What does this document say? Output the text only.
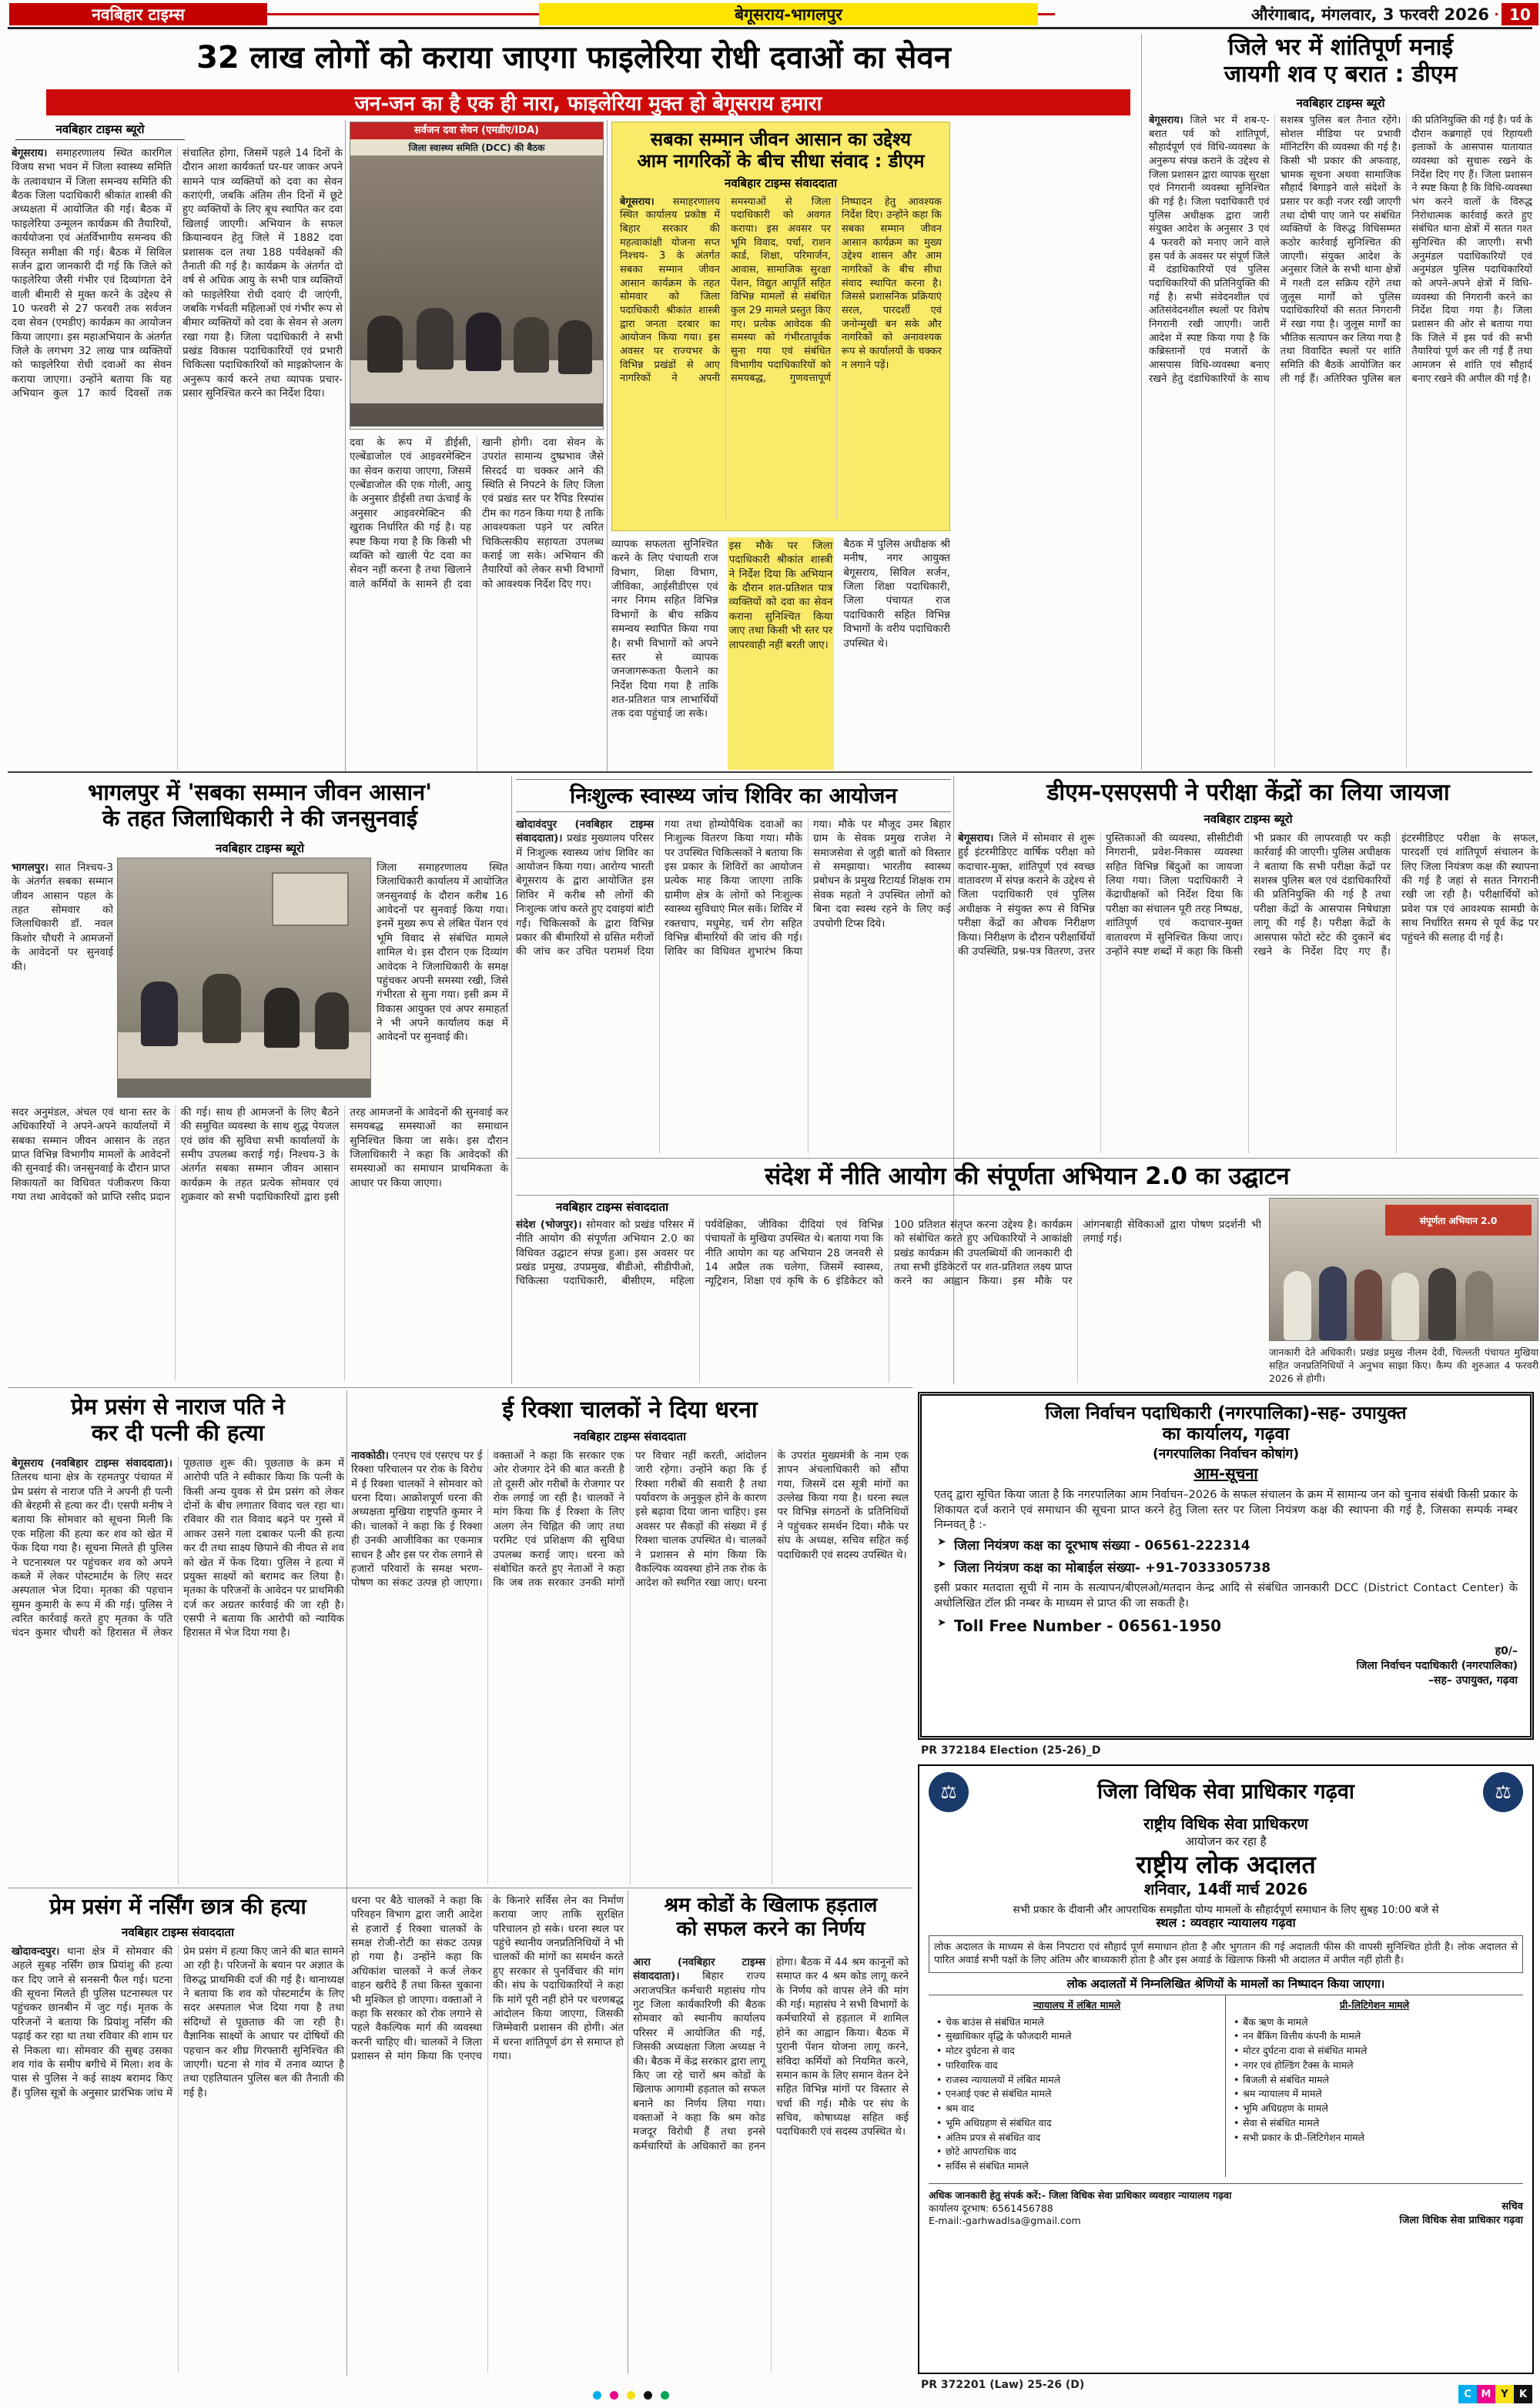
नवबिहार टाइम्स	बेगूसराय-भागलपुर	औरंगाबाद, मंगलवार, 3 फरवरी 2026	10
32 लाख लोगों को कराया जाएगा फाइलेरिया रोधी दवाओं का सेवन	जिले भर में शांतिपूर्ण मनाई
जायगी शव ए बरात : डीएम
नवबिहार टाइम्स ब्यूरो
बेगूसराय। जिले भर में शब-ए-बरात पर्व को शांतिपूर्ण, सौहार्दपूर्ण एवं विधि-व्यवस्था के अनुरूप संपन्न कराने के उद्देश्य से जिला प्रशासन द्वारा व्यापक सुरक्षा एवं निगरानी व्यवस्था सुनिश्चित की गई है। जिला पदाधिकारी एवं पुलिस अधीक्षक द्वारा जारी संयुक्त आदेश के अनुसार 3 एवं 4 फरवरी को मनाए जाने वाले इस पर्व के अवसर पर संपूर्ण जिले में दंडाधिकारियों एवं पुलिस पदाधिकारियों की प्रतिनियुक्ति की गई है। सभी संवेदनशील एवं अतिसंवेदनशील स्थलों पर विशेष निगरानी रखी जाएगी। जारी आदेश में स्पष्ट किया गया है कि कब्रिस्तानों एवं मजारों के आसपास विधि-व्यवस्था बनाए रखने हेतु दंडाधिकारियों के साथ सशस्त्र पुलिस बल तैनात रहेंगे। सोशल मीडिया पर प्रभावी मॉनिटरिंग की व्यवस्था की गई है। किसी भी प्रकार की अफवाह, भ्रामक सूचना अथवा सामाजिक सौहार्द बिगाड़ने वाले संदेशों के प्रसार पर कड़ी नजर रखी जाएगी तथा दोषी पाए जाने पर संबंधित व्यक्तियों के विरुद्ध विधिसम्मत कठोर कार्रवाई सुनिश्चित की जाएगी। संयुक्त आदेश के अनुसार जिले के सभी थाना क्षेत्रों में गश्ती दल सक्रिय रहेंगे तथा जुलूस मार्गों को पुलिस पदाधिकारियों की सतत निगरानी में रखा गया है। जुलूस मार्गों का भौतिक सत्यापन कर लिया गया है तथा विवादित स्थलों पर शांति समिति की बैठकें आयोजित कर ली गई हैं। अतिरिक्त पुलिस बल की प्रतिनियुक्ति की गई है। पर्व के दौरान कब्रगाहों एवं रिहायशी इलाकों के आसपास यातायात व्यवस्था को सुचारू रखने के निर्देश दिए गए हैं। जिला प्रशासन ने स्पष्ट किया है कि विधि-व्यवस्था भंग करने वालों के विरुद्ध निरोधात्मक कार्रवाई करते हुए संबंधित थाना क्षेत्रों में सतत गश्त सुनिश्चित की जाएगी। सभी अनुमंडल पदाधिकारियों एवं अनुमंडल पुलिस पदाधिकारियों को अपने-अपने क्षेत्रों में विधि-व्यवस्था की निगरानी करने का निर्देश दिया गया है। जिला प्रशासन की ओर से बताया गया कि जिले में इस पर्व की सभी तैयारियां पूर्ण कर ली गई हैं तथा आमजन से शांति एवं सौहार्द बनाए रखने की अपील की गई है।
जन-जन का है एक ही नारा, फाइलेरिया मुक्त हो बेगूसराय हमारा
नवबिहार टाइम्स ब्यूरो
बेगूसराय। समाहरणालय स्थित कारगिल विजय सभा भवन में जिला स्वास्थ्य समिति के तत्वावधान में जिला समन्वय समिति की बैठक जिला पदाधिकारी श्रीकांत शास्त्री की अध्यक्षता में आयोजित की गई। बैठक में फाइलेरिया उन्मूलन कार्यक्रम की तैयारियों, कार्ययोजना एवं अंतर्विभागीय समन्वय की विस्तृत समीक्षा की गई। बैठक में सिविल सर्जन द्वारा जानकारी दी गई कि जिले को फाइलेरिया जैसी गंभीर एवं दिव्यांगता देने वाली बीमारी से मुक्त करने के उद्देश्य से 10 फरवरी से 27 फरवरी तक सर्वजन दवा सेवन (एमडीए) कार्यक्रम का आयोजन किया जाएगा। इस महाअभियान के अंतर्गत जिले के लगभग 32 लाख पात्र व्यक्तियों को फाइलेरिया रोधी दवाओं का सेवन कराया जाएगा। उन्होंने बताया कि यह अभियान कुल 17 कार्य दिवसों तक संचालित होगा, जिसमें पहले 14 दिनों के दौरान आशा कार्यकर्ता घर-घर जाकर अपने सामने पात्र व्यक्तियों को दवा का सेवन कराएंगी, जबकि अंतिम तीन दिनों में छूटे हुए व्यक्तियों के लिए बूथ स्थापित कर दवा खिलाई जाएगी। अभियान के सफल क्रियान्वयन हेतु जिले में 1882 दवा प्रशासक दल तथा 188 पर्यवेक्षकों की तैनाती की गई है। कार्यक्रम के अंतर्गत दो वर्ष से अधिक आयु के सभी पात्र व्यक्तियों को फाइलेरिया रोधी दवाएं दी जाएंगी, जबकि गर्भवती महिलाओं एवं गंभीर रूप से बीमार व्यक्तियों को दवा के सेवन से अलग रखा गया है। जिला पदाधिकारी ने सभी प्रखंड विकास पदाधिकारियों एवं प्रभारी चिकित्सा पदाधिकारियों को माइक्रोप्लान के अनुरूप कार्य करने तथा व्यापक प्रचार-प्रसार सुनिश्चित करने का निर्देश दिया।
सर्वजन दवा सेवन (एमडीए/IDA)
जिला स्वास्थ्य समिति (DCC) की बैठक
दवा के रूप में डीईसी, एल्बेंडाजोल एवं आइवरमेक्टिन का सेवन कराया जाएगा, जिसमें एल्बेंडाजोल की एक गोली, आयु के अनुसार डीईसी तथा ऊंचाई के अनुसार आइवरमेक्टिन की खुराक निर्धारित की गई है। यह स्पष्ट किया गया है कि किसी भी व्यक्ति को खाली पेट दवा का सेवन नहीं करना है तथा खिलाने वाले कर्मियों के सामने ही दवा खानी होगी। दवा सेवन के उपरांत सामान्य दुष्प्रभाव जैसे सिरदर्द या चक्कर आने की स्थिति से निपटने के लिए जिला एवं प्रखंड स्तर पर रैपिड रिस्पांस टीम का गठन किया गया है ताकि आवश्यकता पड़ने पर त्वरित चिकित्सकीय सहायता उपलब्ध कराई जा सके। अभियान की तैयारियों को लेकर सभी विभागों को आवश्यक निर्देश दिए गए।
सबका सम्मान जीवन आसान का उद्देश्य
आम नागरिकों के बीच सीधा संवाद : डीएम
नवबिहार टाइम्स संवाददाता
बेगूसराय। समाहरणालय स्थित कार्यालय प्रकोष्ठ में बिहार सरकार की महत्वाकांक्षी योजना सप्त निश्चय- 3 के अंतर्गत सबका सम्मान जीवन आसान कार्यक्रम के तहत सोमवार को जिला पदाधिकारी श्रीकांत शास्त्री द्वारा जनता दरबार का आयोजन किया गया। इस अवसर पर राज्यभर के विभिन्न प्रखंडों से आए नागरिकों ने अपनी समस्याओं से जिला पदाधिकारी को अवगत कराया। इस अवसर पर भूमि विवाद, पर्चा, राशन कार्ड, शिक्षा, परिमार्जन, आवास, सामाजिक सुरक्षा पेंशन, विद्युत आपूर्ति सहित विभिन्न मामलों से संबंधित कुल 29 मामले प्रस्तुत किए गए। प्रत्येक आवेदक की समस्या को गंभीरतापूर्वक सुना गया एवं संबंधित विभागीय पदाधिकारियों को समयबद्ध, गुणवत्तापूर्ण निष्पादन हेतु आवश्यक निर्देश दिए। उन्होंने कहा कि सबका सम्मान जीवन आसान कार्यक्रम का मुख्य उद्देश्य शासन और आम नागरिकों के बीच सीधा संवाद स्थापित करना है। जिससे प्रशासनिक प्रक्रियाएं सरल, पारदर्शी एवं जनोन्मुखी बन सके और नागरिकों को अनावश्यक रूप से कार्यालयों के चक्कर न लगाने पड़ें।
व्यापक सफलता सुनिश्चित करने के लिए पंचायती राज विभाग, शिक्षा विभाग, जीविका, आईसीडीएस एवं नगर निगम सहित विभिन्न विभागों के बीच सक्रिय समन्वय स्थापित किया गया है। सभी विभागों को अपने स्तर से व्यापक जनजागरूकता फैलाने का निर्देश दिया गया है ताकि शत-प्रतिशत पात्र लाभार्थियों तक दवा पहुंचाई जा सके।
इस मौके पर जिला पदाधिकारी श्रीकांत शास्त्री ने निर्देश दिया कि अभियान के दौरान शत-प्रतिशत पात्र व्यक्तियों को दवा का सेवन कराना सुनिश्चित किया जाए तथा किसी भी स्तर पर लापरवाही नहीं बरती जाए।
बैठक में पुलिस अधीक्षक श्री मनीष, नगर आयुक्त बेगूसराय, सिविल सर्जन, जिला शिक्षा पदाधिकारी, जिला पंचायत राज पदाधिकारी सहित विभिन्न विभागों के वरीय पदाधिकारी उपस्थित थे।
भागलपुर में 'सबका सम्मान जीवन आसान'
के तहत जिलाधिकारी ने की जनसुनवाई
नवबिहार टाइम्स ब्यूरो
भागलपुर। सात निश्चय-3 के अंतर्गत सबका सम्मान जीवन आसान पहल के तहत सोमवार को जिलाधिकारी डॉ. नवल किशोर चौधरी ने आमजनों के आवेदनों पर सुनवाई की।
जिला समाहरणालय स्थित जिलाधिकारी कार्यालय में आयोजित जनसुनवाई के दौरान करीब 16 आवेदनों पर सुनवाई किया गया। इनमें मुख्य रूप से लंबित पेंशन एवं भूमि विवाद से संबंधित मामले शामिल थे। इस दौरान एक दिव्यांग आवेदक ने जिलाधिकारी के समक्ष पहुंचकर अपनी समस्या रखी, जिसे गंभीरता से सुना गया। इसी क्रम में विकास आयुक्त एवं अपर समाहर्ता ने भी अपने कार्यालय कक्ष में आवेदनों पर सुनवाई की।
सदर अनुमंडल, अंचल एवं थाना स्तर के अधिकारियों ने अपने-अपने कार्यालयों में सबका सम्मान जीवन आसान के तहत प्राप्त विभिन्न विभागीय मामलों के आवेदनों की सुनवाई की। जनसुनवाई के दौरान प्राप्त शिकायतों का विधिवत पंजीकरण किया गया तथा आवेदकों को प्राप्ति रसीद प्रदान की गई। साथ ही आमजनों के लिए बैठने की समुचित व्यवस्था के साथ शुद्ध पेयजल एवं छांव की सुविधा सभी कार्यालयों के समीप उपलब्ध कराई गई। निश्चय-3 के अंतर्गत सबका सम्मान जीवन आसान कार्यक्रम के तहत प्रत्येक सोमवार एवं शुक्रवार को सभी पदाधिकारियों द्वारा इसी तरह आमजनों के आवेदनों की सुनवाई कर समयबद्ध समस्याओं का समाधान सुनिश्चित किया जा सके। इस दौरान जिलाधिकारी ने कहा कि आवेदकों की समस्याओं का समाधान प्राथमिकता के आधार पर किया जाएगा।
निःशुल्क स्वास्थ्य जांच शिविर का आयोजन
खोदावंदपुर (नवबिहार टाइम्स संवाददाता)। प्रखंड मुख्यालय परिसर में निःशुल्क स्वास्थ्य जांच शिविर का आयोजन किया गया। आरोग्य भारती बेगूसराय के द्वारा आयोजित इस शिविर में करीब सौ लोगों की निःशुल्क जांच करते हुए दवाइयां बांटी गईं। चिकित्सकों के द्वारा विभिन्न प्रकार की बीमारियों से ग्रसित मरीजों की जांच कर उचित परामर्श दिया गया तथा होम्योपैथिक दवाओं का निःशुल्क वितरण किया गया। मौके पर उपस्थित चिकित्सकों ने बताया कि इस प्रकार के शिविरों का आयोजन प्रत्येक माह किया जाएगा ताकि ग्रामीण क्षेत्र के लोगों को निःशुल्क स्वास्थ्य सुविधाएं मिल सकें। शिविर में रक्तचाप, मधुमेह, चर्म रोग सहित विभिन्न बीमारियों की जांच की गई। शिविर का विधिवत शुभारंभ किया गया। मौके पर मौजूद उमर बिहार ग्राम के सेवक प्रमुख राजेश ने समाजसेवा से जुड़ी बातों को विस्तार से समझाया। भारतीय स्वास्थ्य प्रबोधन के प्रमुख रिटायर्ड शिक्षक राम सेवक महतो ने उपस्थित लोगों को बिना दवा स्वस्थ रहने के लिए कई उपयोगी टिप्स दिये।
डीएम-एसएसपी ने परीक्षा केंद्रों का लिया जायजा
नवबिहार टाइम्स ब्यूरो
बेगूसराय। जिले में सोमवार से शुरू हुई इंटरमीडिएट वार्षिक परीक्षा को कदाचार-मुक्त, शांतिपूर्ण एवं स्वच्छ वातावरण में संपन्न कराने के उद्देश्य से जिला पदाधिकारी एवं पुलिस अधीक्षक ने संयुक्त रूप से विभिन्न परीक्षा केंद्रों का औचक निरीक्षण किया। निरीक्षण के दौरान परीक्षार्थियों की उपस्थिति, प्रश्न-पत्र वितरण, उत्तर पुस्तिकाओं की व्यवस्था, सीसीटीवी निगरानी, प्रवेश-निकास व्यवस्था सहित विभिन्न बिंदुओं का जायजा लिया गया। जिला पदाधिकारी ने केंद्राधीक्षकों को निर्देश दिया कि परीक्षा का संचालन पूरी तरह निष्पक्ष, शांतिपूर्ण एवं कदाचार-मुक्त वातावरण में सुनिश्चित किया जाए। उन्होंने स्पष्ट शब्दों में कहा कि किसी भी प्रकार की लापरवाही पर कड़ी कार्रवाई की जाएगी। पुलिस अधीक्षक ने बताया कि सभी परीक्षा केंद्रों पर सशस्त्र पुलिस बल एवं दंडाधिकारियों की प्रतिनियुक्ति की गई है तथा परीक्षा केंद्रों के आसपास निषेधाज्ञा लागू की गई है। परीक्षा केंद्रों के आसपास फोटो स्टेट की दुकानें बंद रखने के निर्देश दिए गए हैं। इंटरमीडिएट परीक्षा के सफल, पारदर्शी एवं शांतिपूर्ण संचालन के लिए जिला नियंत्रण कक्ष की स्थापना की गई है जहां से सतत निगरानी रखी जा रही है। परीक्षार्थियों को प्रवेश पत्र एवं आवश्यक सामग्री के साथ निर्धारित समय से पूर्व केंद्र पर पहुंचने की सलाह दी गई है।
संदेश में नीति आयोग की संपूर्णता अभियान 2.0 का उद्घाटन
नवबिहार टाइम्स संवाददाता
संदेश (भोजपुर)। सोमवार को प्रखंड परिसर में नीति आयोग की संपूर्णता अभियान 2.0 का विधिवत उद्घाटन संपन्न हुआ। इस अवसर पर प्रखंड प्रमुख, उपप्रमुख, बीडीओ, सीडीपीओ, चिकित्सा पदाधिकारी, बीसीएम, महिला पर्यवेक्षिका, जीविका दीदियां एवं विभिन्न पंचायतों के मुखिया उपस्थित थे। बताया गया कि नीति आयोग का यह अभियान 28 जनवरी से 14 अप्रैल तक चलेगा, जिसमें स्वास्थ्य, न्यूट्रिशन, शिक्षा एवं कृषि के 6 इंडिकेटर को 100 प्रतिशत संतृप्त करना उद्देश्य है। कार्यक्रम को संबोधित करते हुए अधिकारियों ने आकांक्षी प्रखंड कार्यक्रम की उपलब्धियों की जानकारी दी तथा सभी इंडिकेटरों पर शत-प्रतिशत लक्ष्य प्राप्त करने का आह्वान किया। इस मौके पर आंगनबाड़ी सेविकाओं द्वारा पोषण प्रदर्शनी भी लगाई गई।
संपूर्णता अभियान 2.0
जानकारी देते अधिकारी। प्रखंड प्रमुख नीलम देवी, चिल्लती पंचायत मुखिया सहित जनप्रतिनिधियों ने अनुभव साझा किए। कैम्प की शुरुआत 4 फरवरी 2026 से होगी।
प्रेम प्रसंग से नाराज पति ने
कर दी पत्नी की हत्या
बेगूसराय (नवबिहार टाइम्स संवाददाता)। तिलरथ थाना क्षेत्र के रहमतपुर पंचायत में प्रेम प्रसंग से नाराज पति ने अपनी ही पत्नी की बेरहमी से हत्या कर दी। एसपी मनीष ने बताया कि सोमवार को सूचना मिली कि एक महिला की हत्या कर शव को खेत में फेंक दिया गया है। सूचना मिलते ही पुलिस ने घटनास्थल पर पहुंचकर शव को अपने कब्जे में लेकर पोस्टमार्टम के लिए सदर अस्पताल भेज दिया। मृतका की पहचान सुमन कुमारी के रूप में की गई। पुलिस ने त्वरित कार्रवाई करते हुए मृतका के पति चंदन कुमार चौधरी को हिरासत में लेकर पूछताछ शुरू की। पूछताछ के क्रम में आरोपी पति ने स्वीकार किया कि पत्नी के किसी अन्य युवक से प्रेम प्रसंग को लेकर दोनों के बीच लगातार विवाद चल रहा था। रविवार की रात विवाद बढ़ने पर गुस्से में आकर उसने गला दबाकर पत्नी की हत्या कर दी तथा साक्ष्य छिपाने की नीयत से शव को खेत में फेंक दिया। पुलिस ने हत्या में प्रयुक्त साक्ष्यों को बरामद कर लिया है। मृतका के परिजनों के आवेदन पर प्राथमिकी दर्ज कर अग्रतर कार्रवाई की जा रही है। एसपी ने बताया कि आरोपी को न्यायिक हिरासत में भेज दिया गया है।
ई रिक्शा चालकों ने दिया धरना
नवबिहार टाइम्स संवाददाता
नावकोठी। एनएच एवं एसएच पर ई रिक्शा परिचालन पर रोक के विरोध में ई रिक्शा चालकों ने सोमवार को धरना दिया। आक्रोशपूर्ण धरना की अध्यक्षता मुखिया राष्ट्रपति कुमार ने की। चालकों ने कहा कि ई रिक्शा ही उनकी आजीविका का एकमात्र साधन है और इस पर रोक लगाने से हजारों परिवारों के समक्ष भरण-पोषण का संकट उत्पन्न हो जाएगा। वक्ताओं ने कहा कि सरकार एक ओर रोजगार देने की बात करती है तो दूसरी ओर गरीबों के रोजगार पर रोक लगाई जा रही है। चालकों ने मांग किया कि ई रिक्शा के लिए अलग लेन चिह्नित की जाए तथा परमिट एवं प्रशिक्षण की सुविधा उपलब्ध कराई जाए। धरना को संबोधित करते हुए नेताओं ने कहा कि जब तक सरकार उनकी मांगों पर विचार नहीं करती, आंदोलन जारी रहेगा। उन्होंने कहा कि ई रिक्शा गरीबों की सवारी है तथा पर्यावरण के अनुकूल होने के कारण इसे बढ़ावा दिया जाना चाहिए। इस अवसर पर सैकड़ों की संख्या में ई रिक्शा चालक उपस्थित थे। चालकों ने प्रशासन से मांग किया कि वैकल्पिक व्यवस्था होने तक रोक के आदेश को स्थगित रखा जाए। धरना के उपरांत मुख्यमंत्री के नाम एक ज्ञापन अंचलाधिकारी को सौंपा गया, जिसमें दस सूत्री मांगों का उल्लेख किया गया है। धरना स्थल पर विभिन्न संगठनों के प्रतिनिधियों ने पहुंचकर समर्थन दिया। मौके पर संघ के अध्यक्ष, सचिव सहित कई पदाधिकारी एवं सदस्य उपस्थित थे।
जिला निर्वाचन पदाधिकारी (नगरपालिका)-सह- उपायुक्त
का कार्यालय, गढ़वा
(नगरपालिका निर्वाचन कोषांग)
आम-सूचना
एतद् द्वारा सूचित किया जाता है कि नगरपालिका आम निर्वाचन–2026 के सफल संचालन के क्रम में सामान्य जन को चुनाव संबंधी किसी प्रकार के शिकायत दर्ज कराने एवं समाधान की सूचना प्राप्त करने हेतु जिला स्तर पर जिला नियंत्रण कक्ष की स्थापना की गई है, जिसका सम्पर्क नम्बर निम्नवत् है :-
➤ जिला नियंत्रण कक्ष का दूरभाष संख्या - 06561-222314
➤ जिला नियंत्रण कक्ष का मोबाईल संख्या- +91-7033305738
इसी प्रकार मतदाता सूची में नाम के सत्यापन/बीएलओ/मतदान केन्द्र आदि से संबंधित जानकारी DCC (District Contact Center) के अधोलिखित टॉल फ्री नम्बर के माध्यम से प्राप्त की जा सकती है।
➤ Toll Free Number - 06561-1950
ह0/–
जिला निर्वाचन पदाधिकारी (नगरपालिका)
–सह– उपायुक्त, गढ़वा
PR 372184 Election (25-26)_D
⚖
जिला विधिक सेवा प्राधिकार गढ़वा
⚖
राष्ट्रीय विधिक सेवा प्राधिकरण
आयोजन कर रहा है
राष्ट्रीय लोक अदालत
शनिवार, 14वीं मार्च 2026
सभी प्रकार के दीवानी और आपराधिक समझौता योग्य मामलों के सौहार्दपूर्ण समाधान के लिए सुबह 10:00 बजे से
स्थल : व्यवहार न्यायालय गढ़वा
लोक अदालत के माध्यम से केस निपटारा एवं सौहार्द पूर्ण समाधान होता है और भुगतान की गई अदालती फीस की वापसी सुनिश्चित होती है। लोक अदालत से पारित अवार्ड सभी पक्षों के लिए अंतिम और बाध्यकारी होता है और इस अवार्ड के खिलाफ किसी भी अदालत में अपील नहीं होती है।
लोक अदालतों में निम्नलिखित श्रेणियों के मामलों का निष्पादन किया जाएगा।
न्यायालय में लंबित मामले
• चेक बाउंस से संबंधित मामले
• सुखाधिकार वृद्धि के फौजदारी मामले
• मोटर दुर्घटना से वाद
• पारिवारिक वाद
• राजस्व न्यायालयों में लंबित मामले
• एनआई एक्ट से संबंधित मामले
• श्रम वाद
• भूमि अधिग्रहण से संबंधित वाद
• अंतिम प्रपत्र से संबंधित वाद
• छोटे आपराधिक वाद
• सर्विस से संबंधित मामले
प्री-लिटिगेशन मामले
• बैंक ऋण के मामले
• नन बैंकिंग वित्तीय कंपनी के मामले
• मोटर दुर्घटना दावा से संबंधित मामले
• नगर एवं होल्डिंग टैक्स के मामले
• बिजली से संबंधित मामले
• श्रम न्यायालय में मामले
• भूमि अधिग्रहण के मामले
• सेवा से संबंधित मामले
• सभी प्रकार के प्री–लिटिगेशन मामले
अधिक जानकारी हेतु संपर्क करें:- जिला विधिक सेवा प्राधिकार व्यवहार न्यायालय गढ़वा
कार्यालय दूरभाष: 6561456788
E-mail:-garhwadlsa@gmail.com
सचिव
जिला विधिक सेवा प्राधिकार गढ़वा
PR 372201 (Law) 25-26 (D)
प्रेम प्रसंग में नर्सिंग छात्र की हत्या
नवबिहार टाइम्स संवाददाता
खोदावन्दपुर। थाना क्षेत्र में सोमवार की अहले सुबह नर्सिंग छात्र प्रियांशु की हत्या कर दिए जाने से सनसनी फैल गई। घटना की सूचना मिलते ही पुलिस घटनास्थल पर पहुंचकर छानबीन में जुट गई। मृतक के परिजनों ने बताया कि प्रियांशु नर्सिंग की पढ़ाई कर रहा था तथा रविवार की शाम घर से निकला था। सोमवार की सुबह उसका शव गांव के समीप बगीचे में मिला। शव के पास से पुलिस ने कई साक्ष्य बरामद किए हैं। पुलिस सूत्रों के अनुसार प्रारंभिक जांच में प्रेम प्रसंग में हत्या किए जाने की बात सामने आ रही है। परिजनों के बयान पर अज्ञात के विरुद्ध प्राथमिकी दर्ज की गई है। थानाध्यक्ष ने बताया कि शव को पोस्टमार्टम के लिए सदर अस्पताल भेज दिया गया है तथा संदिग्धों से पूछताछ की जा रही है। वैज्ञानिक साक्ष्यों के आधार पर दोषियों की पहचान कर शीघ्र गिरफ्तारी सुनिश्चित की जाएगी। घटना से गांव में तनाव व्याप्त है तथा एहतियातन पुलिस बल की तैनाती की गई है।
धरना पर बैठे चालकों ने कहा कि परिवहन विभाग द्वारा जारी आदेश से हजारों ई रिक्शा चालकों के समक्ष रोजी-रोटी का संकट उत्पन्न हो गया है। उन्होंने कहा कि अधिकांश चालकों ने कर्ज लेकर वाहन खरीदे हैं तथा किस्त चुकाना भी मुश्किल हो जाएगा। वक्ताओं ने कहा कि सरकार को रोक लगाने से पहले वैकल्पिक मार्ग की व्यवस्था करनी चाहिए थी। चालकों ने जिला प्रशासन से मांग किया कि एनएच के किनारे सर्विस लेन का निर्माण कराया जाए ताकि सुरक्षित परिचालन हो सके। धरना स्थल पर पहुंचे स्थानीय जनप्रतिनिधियों ने भी चालकों की मांगों का समर्थन करते हुए सरकार से पुनर्विचार की मांग की। संघ के पदाधिकारियों ने कहा कि मांगें पूरी नहीं होने पर चरणबद्ध आंदोलन किया जाएगा, जिसकी जिम्मेवारी प्रशासन की होगी। अंत में धरना शांतिपूर्ण ढंग से समाप्त हो गया।
श्रम कोडों के खिलाफ हड़ताल
को सफल करने का निर्णय
आरा (नवबिहार टाइम्स संवाददाता)। बिहार राज्य अराजपत्रित कर्मचारी महासंघ गोप गुट जिला कार्यकारिणी की बैठक सोमवार को स्थानीय कार्यालय परिसर में आयोजित की गई, जिसकी अध्यक्षता जिला अध्यक्ष ने की। बैठक में केंद्र सरकार द्वारा लागू किए जा रहे चारों श्रम कोडों के खिलाफ आगामी हड़ताल को सफल बनाने का निर्णय लिया गया। वक्ताओं ने कहा कि श्रम कोड मजदूर विरोधी हैं तथा इनसे कर्मचारियों के अधिकारों का हनन होगा। बैठक में 44 श्रम कानूनों को समाप्त कर 4 श्रम कोड लागू करने के निर्णय को वापस लेने की मांग की गई। महासंघ ने सभी विभागों के कर्मचारियों से हड़ताल में शामिल होने का आह्वान किया। बैठक में पुरानी पेंशन योजना लागू करने, संविदा कर्मियों को नियमित करने, समान काम के लिए समान वेतन देने सहित विभिन्न मांगों पर विस्तार से चर्चा की गई। मौके पर संघ के सचिव, कोषाध्यक्ष सहित कई पदाधिकारी एवं सदस्य उपस्थित थे।

C M Y	K
